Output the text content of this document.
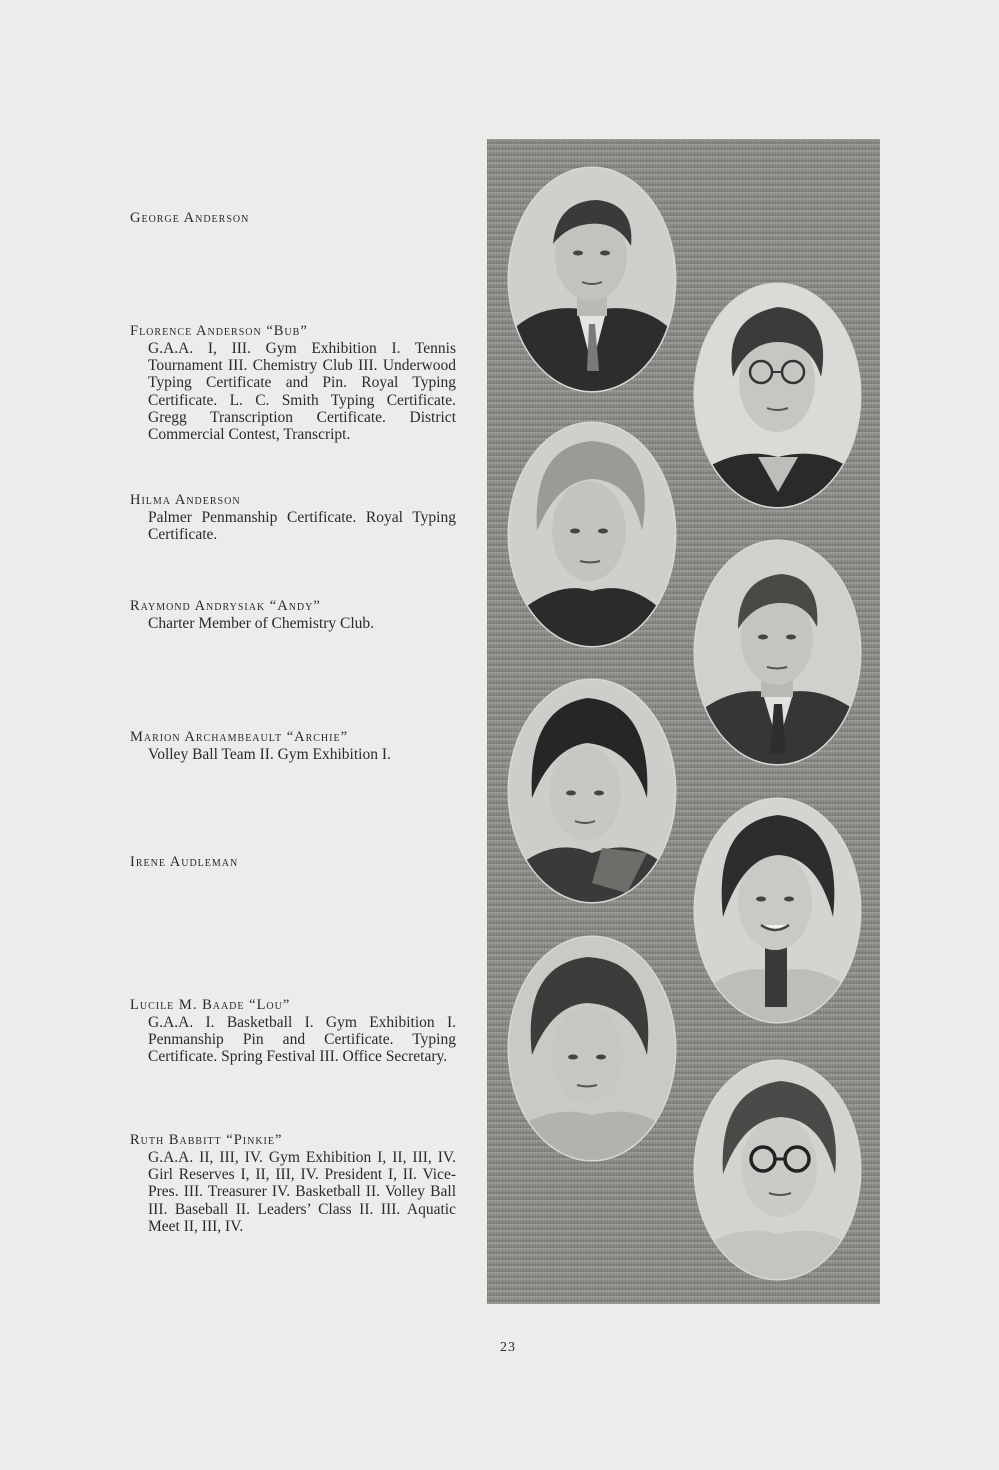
George Anderson
Florence Anderson “Bub”

G.A.A. I, III. Gym Exhibition I. Tennis Tournament III. Chemistry Club III. Underwood Typing Certificate and Pin. Royal Typing Certificate. L. C. Smith Typing Certificate. Gregg Transcription Certificate. District Commercial Contest, Transcript.

Hilma Anderson

Palmer Penmanship Certificate. Royal Typing Certificate.

Raymond Andrysiak “Andy”

Charter Member of Chemistry Club.

Marion Archambeault “Archie”

Volley Ball Team II. Gym Exhibition I.

Irene Audleman
Lucile M. Baade “Lou”

G.A.A. I. Basketball I. Gym Exhibition I. Penmanship Pin and Certificate. Typing Certificate. Spring Festival III. Office Secretary.

Ruth Babbitt “Pinkie”

G.A.A. II, III, IV. Gym Exhibition I, II, III, IV. Girl Reserves I, II, III, IV. President I, II. Vice-Pres. III. Treasurer IV. Basketball II. Volley Ball III. Baseball II. Leaders’ Class II. III. Aquatic Meet II, III, IV.

23
